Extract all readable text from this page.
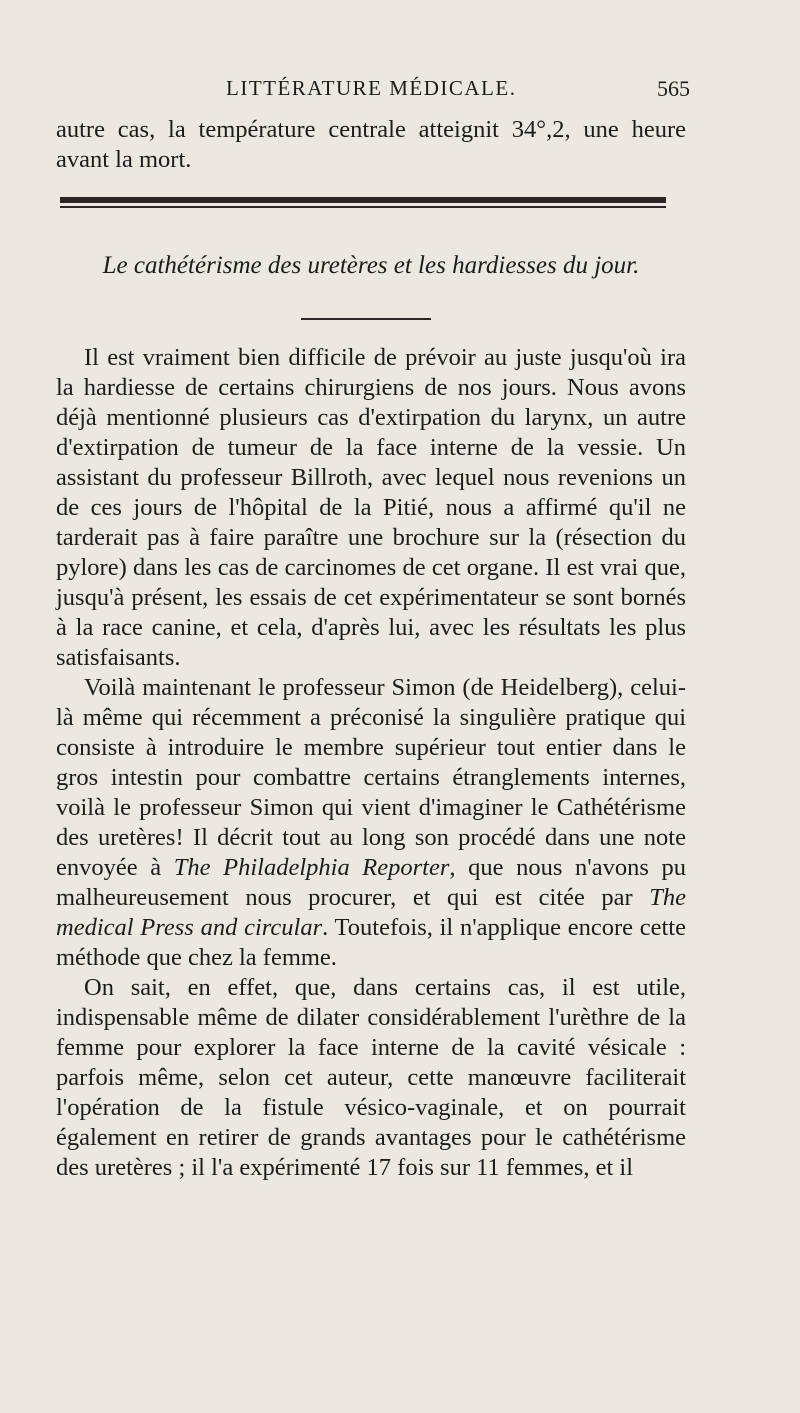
LITTÉRATURE MÉDICALE.	565

autre cas, la température centrale atteignit 34°,2, une heure avant la mort.

Le cathétérisme des uretères et les hardiesses du jour.

Il est vraiment bien difficile de prévoir au juste jusqu'où ira la hardiesse de certains chirurgiens de nos jours. Nous avons déjà mentionné plusieurs cas d'extirpation du larynx, un autre d'extirpation de tumeur de la face interne de la vessie. Un assistant du professeur Billroth, avec lequel nous revenions un de ces jours de l'hôpital de la Pitié, nous a affirmé qu'il ne tarderait pas à faire paraître une brochure sur la (résection du pylore) dans les cas de carcinomes de cet organe. Il est vrai que, jusqu'à présent, les essais de cet expérimentateur se sont bornés à la race canine, et cela, d'après lui, avec les résultats les plus satisfaisants.

Voilà maintenant le professeur Simon (de Heidelberg), celui-là même qui récemment a préconisé la singulière pratique qui consiste à introduire le membre supérieur tout entier dans le gros intestin pour combattre certains étranglements internes, voilà le professeur Simon qui vient d'imaginer le Cathétérisme des uretères! Il décrit tout au long son procédé dans une note envoyée à The Philadelphia Reporter, que nous n'avons pu malheureusement nous procurer, et qui est citée par The medical Press and circular. Toutefois, il n'applique encore cette méthode que chez la femme.

On sait, en effet, que, dans certains cas, il est utile, indispensable même de dilater considérablement l'urèthre de la femme pour explorer la face interne de la cavité vésicale : parfois même, selon cet auteur, cette manœuvre faciliterait l'opération de la fistule vésico-vaginale, et on pourrait également en retirer de grands avantages pour le cathétérisme des uretères ; il l'a expérimenté 17 fois sur 11 femmes, et il
